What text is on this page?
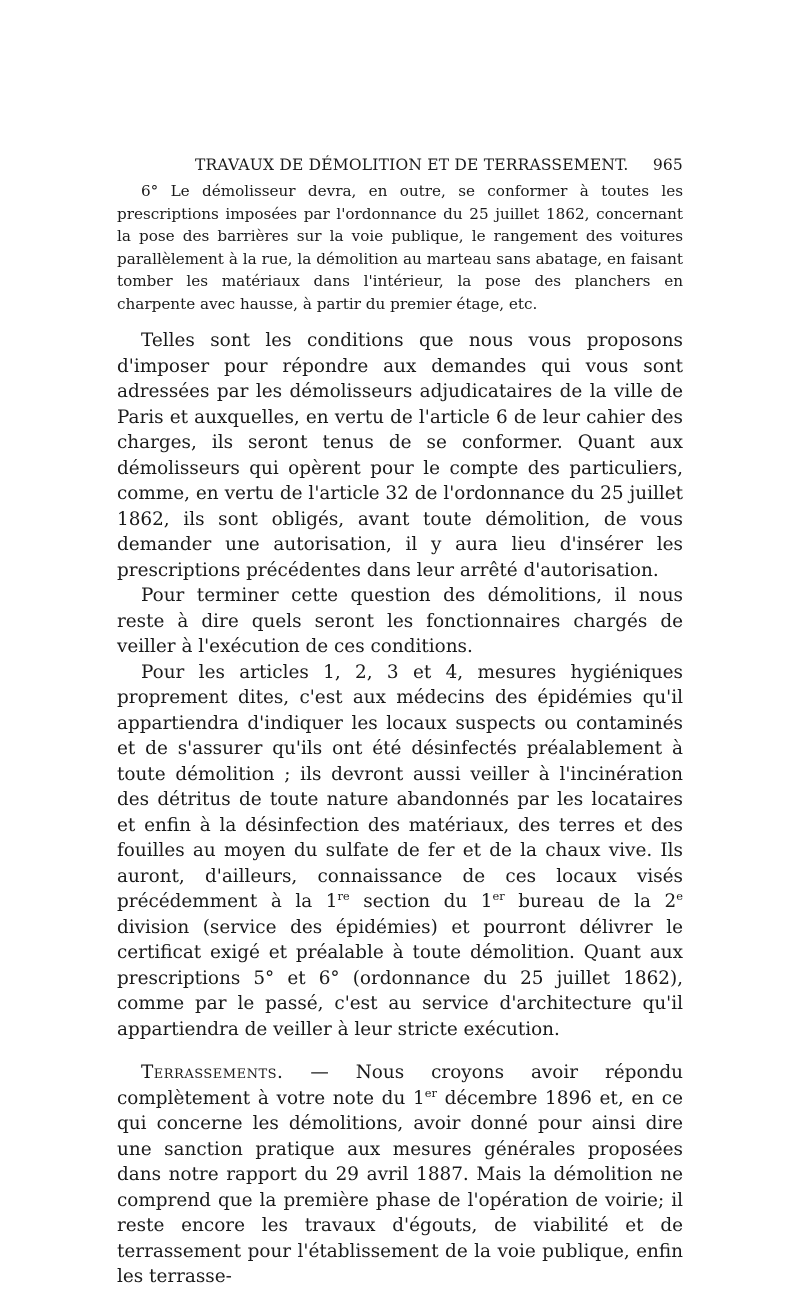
TRAVAUX DE DÉMOLITION ET DE TERRASSEMENT. 965

6° Le démolisseur devra, en outre, se conformer à toutes les prescriptions imposées par l'ordonnance du 25 juillet 1862, concernant la pose des barrières sur la voie publique, le rangement des voitures parallèlement à la rue, la démolition au marteau sans abatage, en faisant tomber les matériaux dans l'intérieur, la pose des planchers en charpente avec hausse, à partir du premier étage, etc.

Telles sont les conditions que nous vous proposons d'imposer pour répondre aux demandes qui vous sont adressées par les démolisseurs adjudicataires de la ville de Paris et auxquelles, en vertu de l'article 6 de leur cahier des charges, ils seront tenus de se conformer. Quant aux démolisseurs qui opèrent pour le compte des particuliers, comme, en vertu de l'article 32 de l'ordonnance du 25 juillet 1862, ils sont obligés, avant toute démolition, de vous demander une autorisation, il y aura lieu d'insérer les prescriptions précédentes dans leur arrêté d'autorisation.

Pour terminer cette question des démolitions, il nous reste à dire quels seront les fonctionnaires chargés de veiller à l'exécution de ces conditions.

Pour les articles 1, 2, 3 et 4, mesures hygiéniques proprement dites, c'est aux médecins des épidémies qu'il appartiendra d'indiquer les locaux suspects ou contaminés et de s'assurer qu'ils ont été désinfectés préalablement à toute démolition ; ils devront aussi veiller à l'incinération des détritus de toute nature abandonnés par les locataires et enfin à la désinfection des matériaux, des terres et des fouilles au moyen du sulfate de fer et de la chaux vive. Ils auront, d'ailleurs, connaissance de ces locaux visés précédemment à la 1re section du 1er bureau de la 2e division (service des épidémies) et pourront délivrer le certificat exigé et préalable à toute démolition. Quant aux prescriptions 5° et 6° (ordonnance du 25 juillet 1862), comme par le passé, c'est au service d'architecture qu'il appartiendra de veiller à leur stricte exécution.

Terrassements. — Nous croyons avoir répondu complètement à votre note du 1er décembre 1896 et, en ce qui concerne les démolitions, avoir donné pour ainsi dire une sanction pratique aux mesures générales proposées dans notre rapport du 29 avril 1887. Mais la démolition ne comprend que la première phase de l'opération de voirie; il reste encore les travaux d'égouts, de viabilité et de terrassement pour l'établissement de la voie publique, enfin les terrasse-
